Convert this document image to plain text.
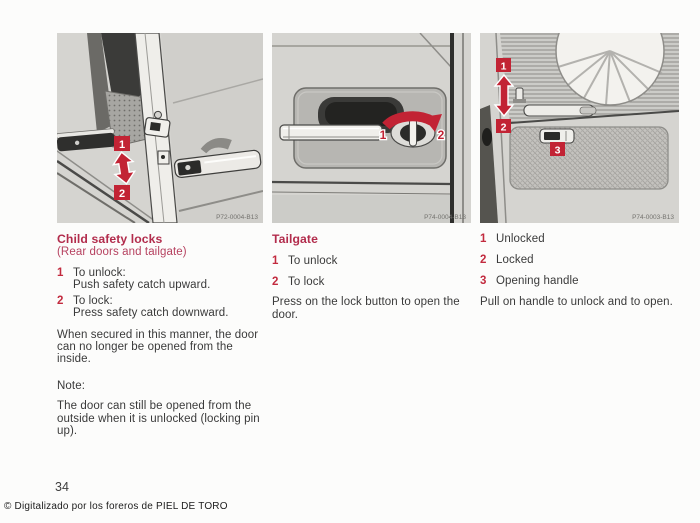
1
2
P72-0004-B13
1	2
P74-0004-B13
1
2
3
P74-0003-B13
Child safety locks
(Rear doors and tailgate)
1 To unlock:
Push safety catch upward.
2 To lock:
Press safety catch downward.
When secured in this manner, the door can no longer be opened from the inside.
Note:
The door can still be opened from the outside when it is unlocked (locking pin up).
Tailgate
1 To unlock
2 To lock
Press on the lock button to open the door.
1 Unlocked
2 Locked
3 Opening handle
Pull on handle to unlock and to open.
34
© Digitalizado por los foreros de PIEL DE TORO
